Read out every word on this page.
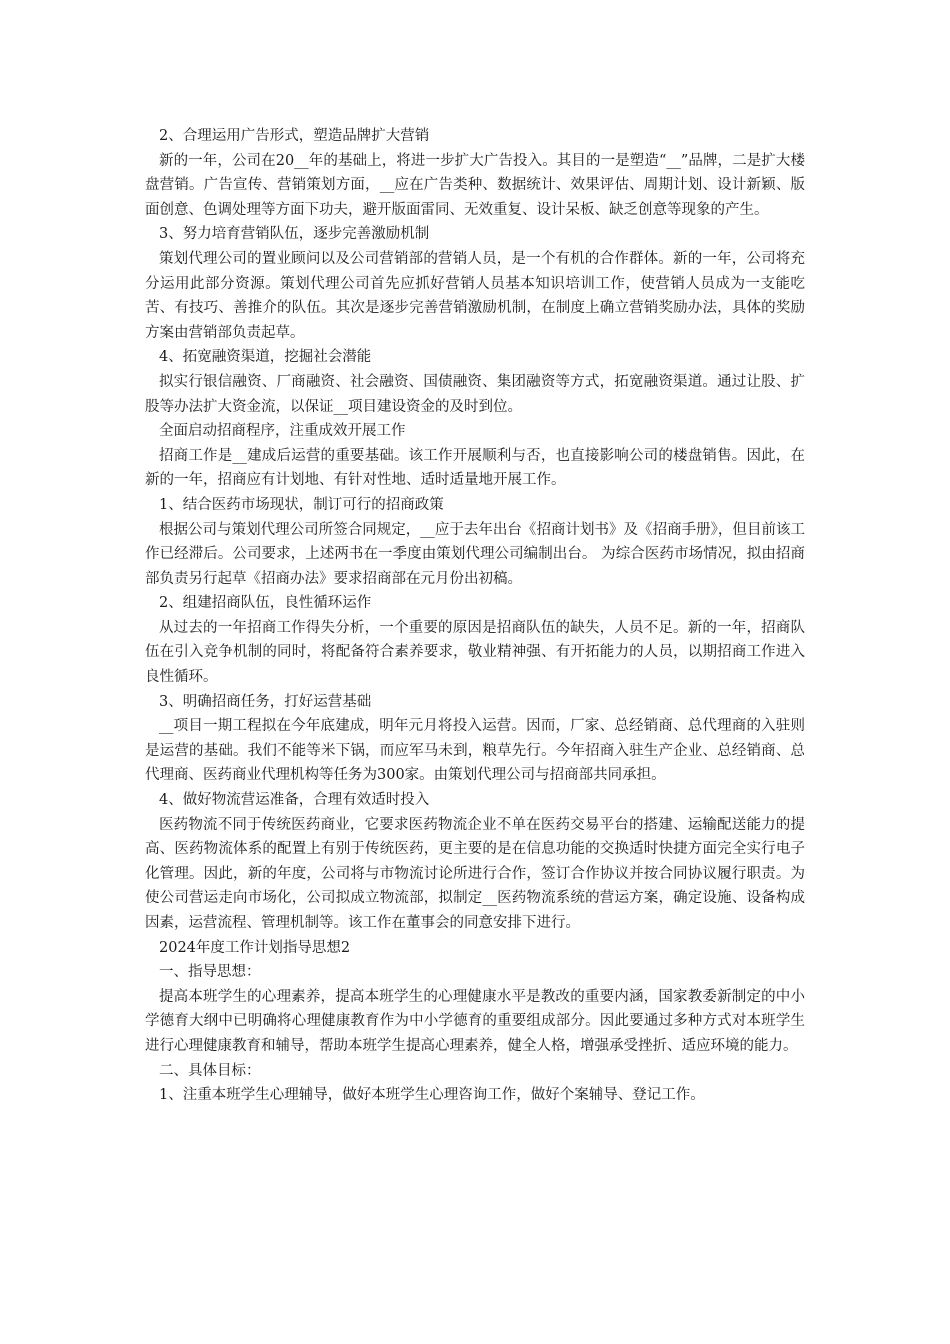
2、合理运用广告形式，塑造品牌扩大营销

新的一年，公司在20__年的基础上，将进一步扩大广告投入。其目的一是塑造“__”品牌，二是扩大楼盘营销。广告宣传、营销策划方面，__应在广告类种、数据统计、效果评估、周期计划、设计新颖、版面创意、色调处理等方面下功夫，避开版面雷同、无效重复、设计呆板、缺乏创意等现象的产生。

3、努力培育营销队伍，逐步完善激励机制

策划代理公司的置业顾问以及公司营销部的营销人员，是一个有机的合作群体。新的一年，公司将充分运用此部分资源。策划代理公司首先应抓好营销人员基本知识培训工作，使营销人员成为一支能吃苦、有技巧、善推介的队伍。其次是逐步完善营销激励机制，在制度上确立营销奖励办法，具体的奖励方案由营销部负责起草。

4、拓宽融资渠道，挖掘社会潜能

拟实行银信融资、厂商融资、社会融资、国债融资、集团融资等方式，拓宽融资渠道。通过让股、扩股等办法扩大资金流，以保证__项目建设资金的及时到位。

全面启动招商程序，注重成效开展工作

招商工作是__建成后运营的重要基础。该工作开展顺利与否，也直接影响公司的楼盘销售。因此，在新的一年，招商应有计划地、有针对性地、适时适量地开展工作。

1、结合医药市场现状，制订可行的招商政策

根据公司与策划代理公司所签合同规定，__应于去年出台《招商计划书》及《招商手册》，但目前该工作已经滞后。公司要求，上述两书在一季度由策划代理公司编制出台。 为综合医药市场情况，拟由招商部负责另行起草《招商办法》要求招商部在元月份出初稿。

2、组建招商队伍，良性循环运作

从过去的一年招商工作得失分析，一个重要的原因是招商队伍的缺失，人员不足。新的一年，招商队伍在引入竞争机制的同时，将配备符合素养要求，敬业精神强、有开拓能力的人员，以期招商工作进入良性循环。

3、明确招商任务，打好运营基础

__项目一期工程拟在今年底建成，明年元月将投入运营。因而，厂家、总经销商、总代理商的入驻则是运营的基础。我们不能等米下锅，而应军马未到，粮草先行。今年招商入驻生产企业、总经销商、总代理商、医药商业代理机构等任务为300家。由策划代理公司与招商部共同承担。

4、做好物流营运准备，合理有效适时投入

医药物流不同于传统医药商业，它要求医药物流企业不单在医药交易平台的搭建、运输配送能力的提高、医药物流体系的配置上有别于传统医药，更主要的是在信息功能的交换适时快捷方面完全实行电子化管理。因此，新的年度，公司将与市物流讨论所进行合作，签订合作协议并按合同协议履行职责。为使公司营运走向市场化，公司拟成立物流部，拟制定__医药物流系统的营运方案，确定设施、设备构成因素，运营流程、管理机制等。该工作在董事会的同意安排下进行。

2024年度工作计划指导思想2

一、指导思想：

提高本班学生的心理素养，提高本班学生的心理健康水平是教改的重要内涵，国家教委新制定的中小学德育大纲中已明确将心理健康教育作为中小学德育的重要组成部分。因此要通过多种方式对本班学生进行心理健康教育和辅导，帮助本班学生提高心理素养，健全人格，增强承受挫折、适应环境的能力。

二、具体目标：

1、注重本班学生心理辅导，做好本班学生心理咨询工作，做好个案辅导、登记工作。
